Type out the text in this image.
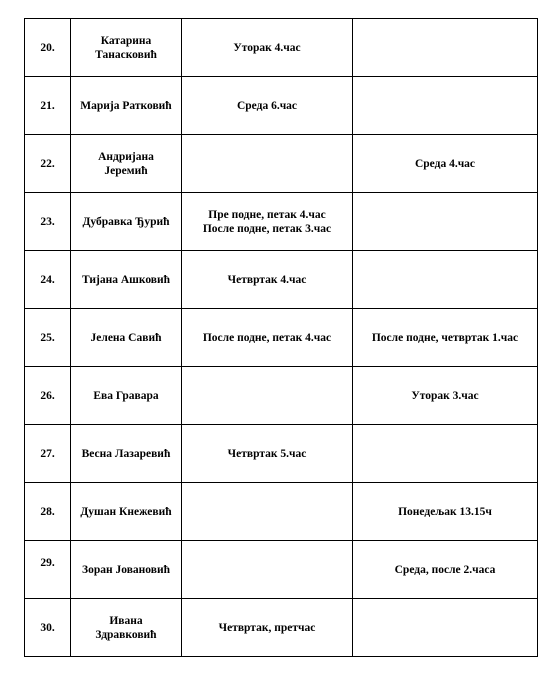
20.	Катарина
Танасковић	Уторак 4.час	

21.	Марија Ратковић	Среда 6.час	

22.	Андријана
Јеремић		Среда 4.час

23.	Дубравка Ђурић	Пре подне, петак 4.час
После подне, петак 3.час	

24.	Тијана Ашковић	Четвртак 4.час	

25.	Јелена Савић	После подне, петак 4.час	После подне, четвртак 1.час

26.	Ева Гравара		Уторак 3.час

27.	Весна Лазаревић	Четвртак 5.час	

28.	Душан Кнежевић		Понедељак 13.15ч

29.	Зоран Јовановић		Среда, после 2.часа

30.	Ивана
Здравковић	Четвртак, претчас	
